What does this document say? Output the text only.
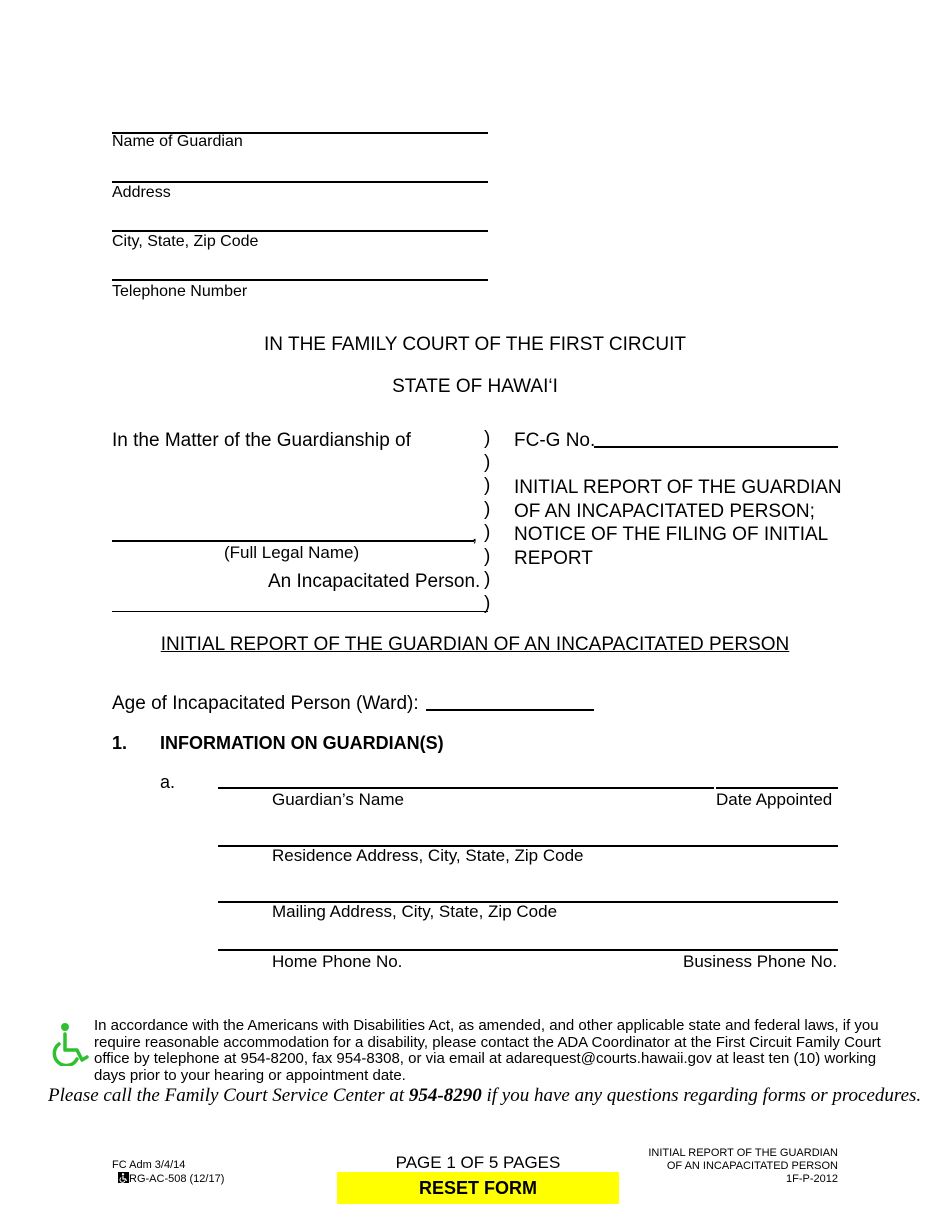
Name of Guardian
Address
City, State, Zip Code
Telephone Number
IN THE FAMILY COURT OF THE FIRST CIRCUIT
STATE OF HAWAI‘I
In the Matter of the Guardianship of
,
(Full Legal Name)
An Incapacitated Person.
)
)
)
)
)
)
)
)
FC-G No.
INITIAL REPORT OF THE GUARDIAN
OF AN INCAPACITATED PERSON;
NOTICE OF THE FILING OF INITIAL
REPORT
INITIAL REPORT OF THE GUARDIAN OF AN INCAPACITATED PERSON
Age of Incapacitated Person (Ward):
1. INFORMATION ON GUARDIAN(S)
a.
Guardian’s Name	Date Appointed
Residence Address, City, State, Zip Code
Mailing Address, City, State, Zip Code
Home Phone No.	Business Phone No.
In accordance with the Americans with Disabilities Act, as amended, and other applicable state and federal laws, if you
require reasonable accommodation for a disability, please contact the ADA Coordinator at the First Circuit Family Court
office by telephone at 954-8200, fax 954-8308, or via email at adarequest@courts.hawaii.gov at least ten (10) working
days prior to your hearing or appointment date.
Please call the Family Court Service Center at 954-8290 if you have any questions regarding forms or procedures.
FC Adm 3/4/14
RG-AC-508 (12/17)
PAGE 1 OF 5 PAGES
RESET FORM
INITIAL REPORT OF THE GUARDIAN
OF AN INCAPACITATED PERSON
1F-P-2012
